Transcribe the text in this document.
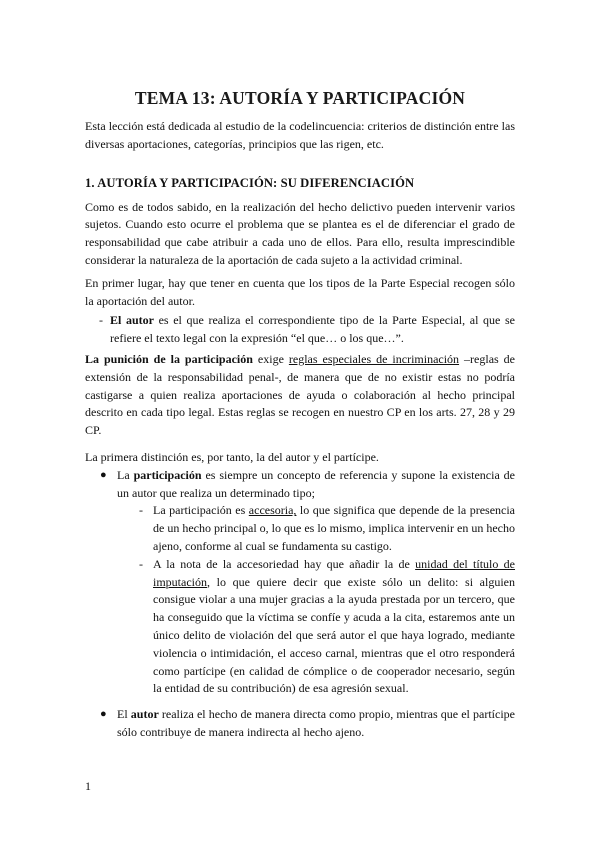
TEMA 13: AUTORÍA Y PARTICIPACIÓN

Esta lección está dedicada al estudio de la codelincuencia: criterios de distinción entre las diversas aportaciones, categorías, principios que las rigen, etc.

1. AUTORÍA Y PARTICIPACIÓN: SU DIFERENCIACIÓN

Como es de todos sabido, en la realización del hecho delictivo pueden intervenir varios sujetos. Cuando esto ocurre el problema que se plantea es el de diferenciar el grado de responsabilidad que cabe atribuir a cada uno de ellos. Para ello, resulta imprescindible considerar la naturaleza de la aportación de cada sujeto a la actividad criminal.

En primer lugar, hay que tener en cuenta que los tipos de la Parte Especial recogen sólo la aportación del autor.

- El autor es el que realiza el correspondiente tipo de la Parte Especial, al que se refiere el texto legal con la expresión “el que… o los que…”.

La punición de la participación exige reglas especiales de incriminación –reglas de extensión de la responsabilidad penal-, de manera que de no existir estas no podría castigarse a quien realiza aportaciones de ayuda o colaboración al hecho principal descrito en cada tipo legal. Estas reglas se recogen en nuestro CP en los arts. 27, 28 y 29 CP.

La primera distinción es, por tanto, la del autor y el partícipe.

● La participación es siempre un concepto de referencia y supone la existencia de un autor que realiza un determinado tipo;
- La participación es accesoria, lo que significa que depende de la presencia de un hecho principal o, lo que es lo mismo, implica intervenir en un hecho ajeno, conforme al cual se fundamenta su castigo.
- A la nota de la accesoriedad hay que añadir la de unidad del título de imputación, lo que quiere decir que existe sólo un delito: si alguien consigue violar a una mujer gracias a la ayuda prestada por un tercero, que ha conseguido que la víctima se confíe y acuda a la cita, estaremos ante un único delito de violación del que será autor el que haya logrado, mediante violencia o intimidación, el acceso carnal, mientras que el otro responderá como partícipe (en calidad de cómplice o de cooperador necesario, según la entidad de su contribución) de esa agresión sexual.
● El autor realiza el hecho de manera directa como propio, mientras que el partícipe sólo contribuye de manera indirecta al hecho ajeno.
1
